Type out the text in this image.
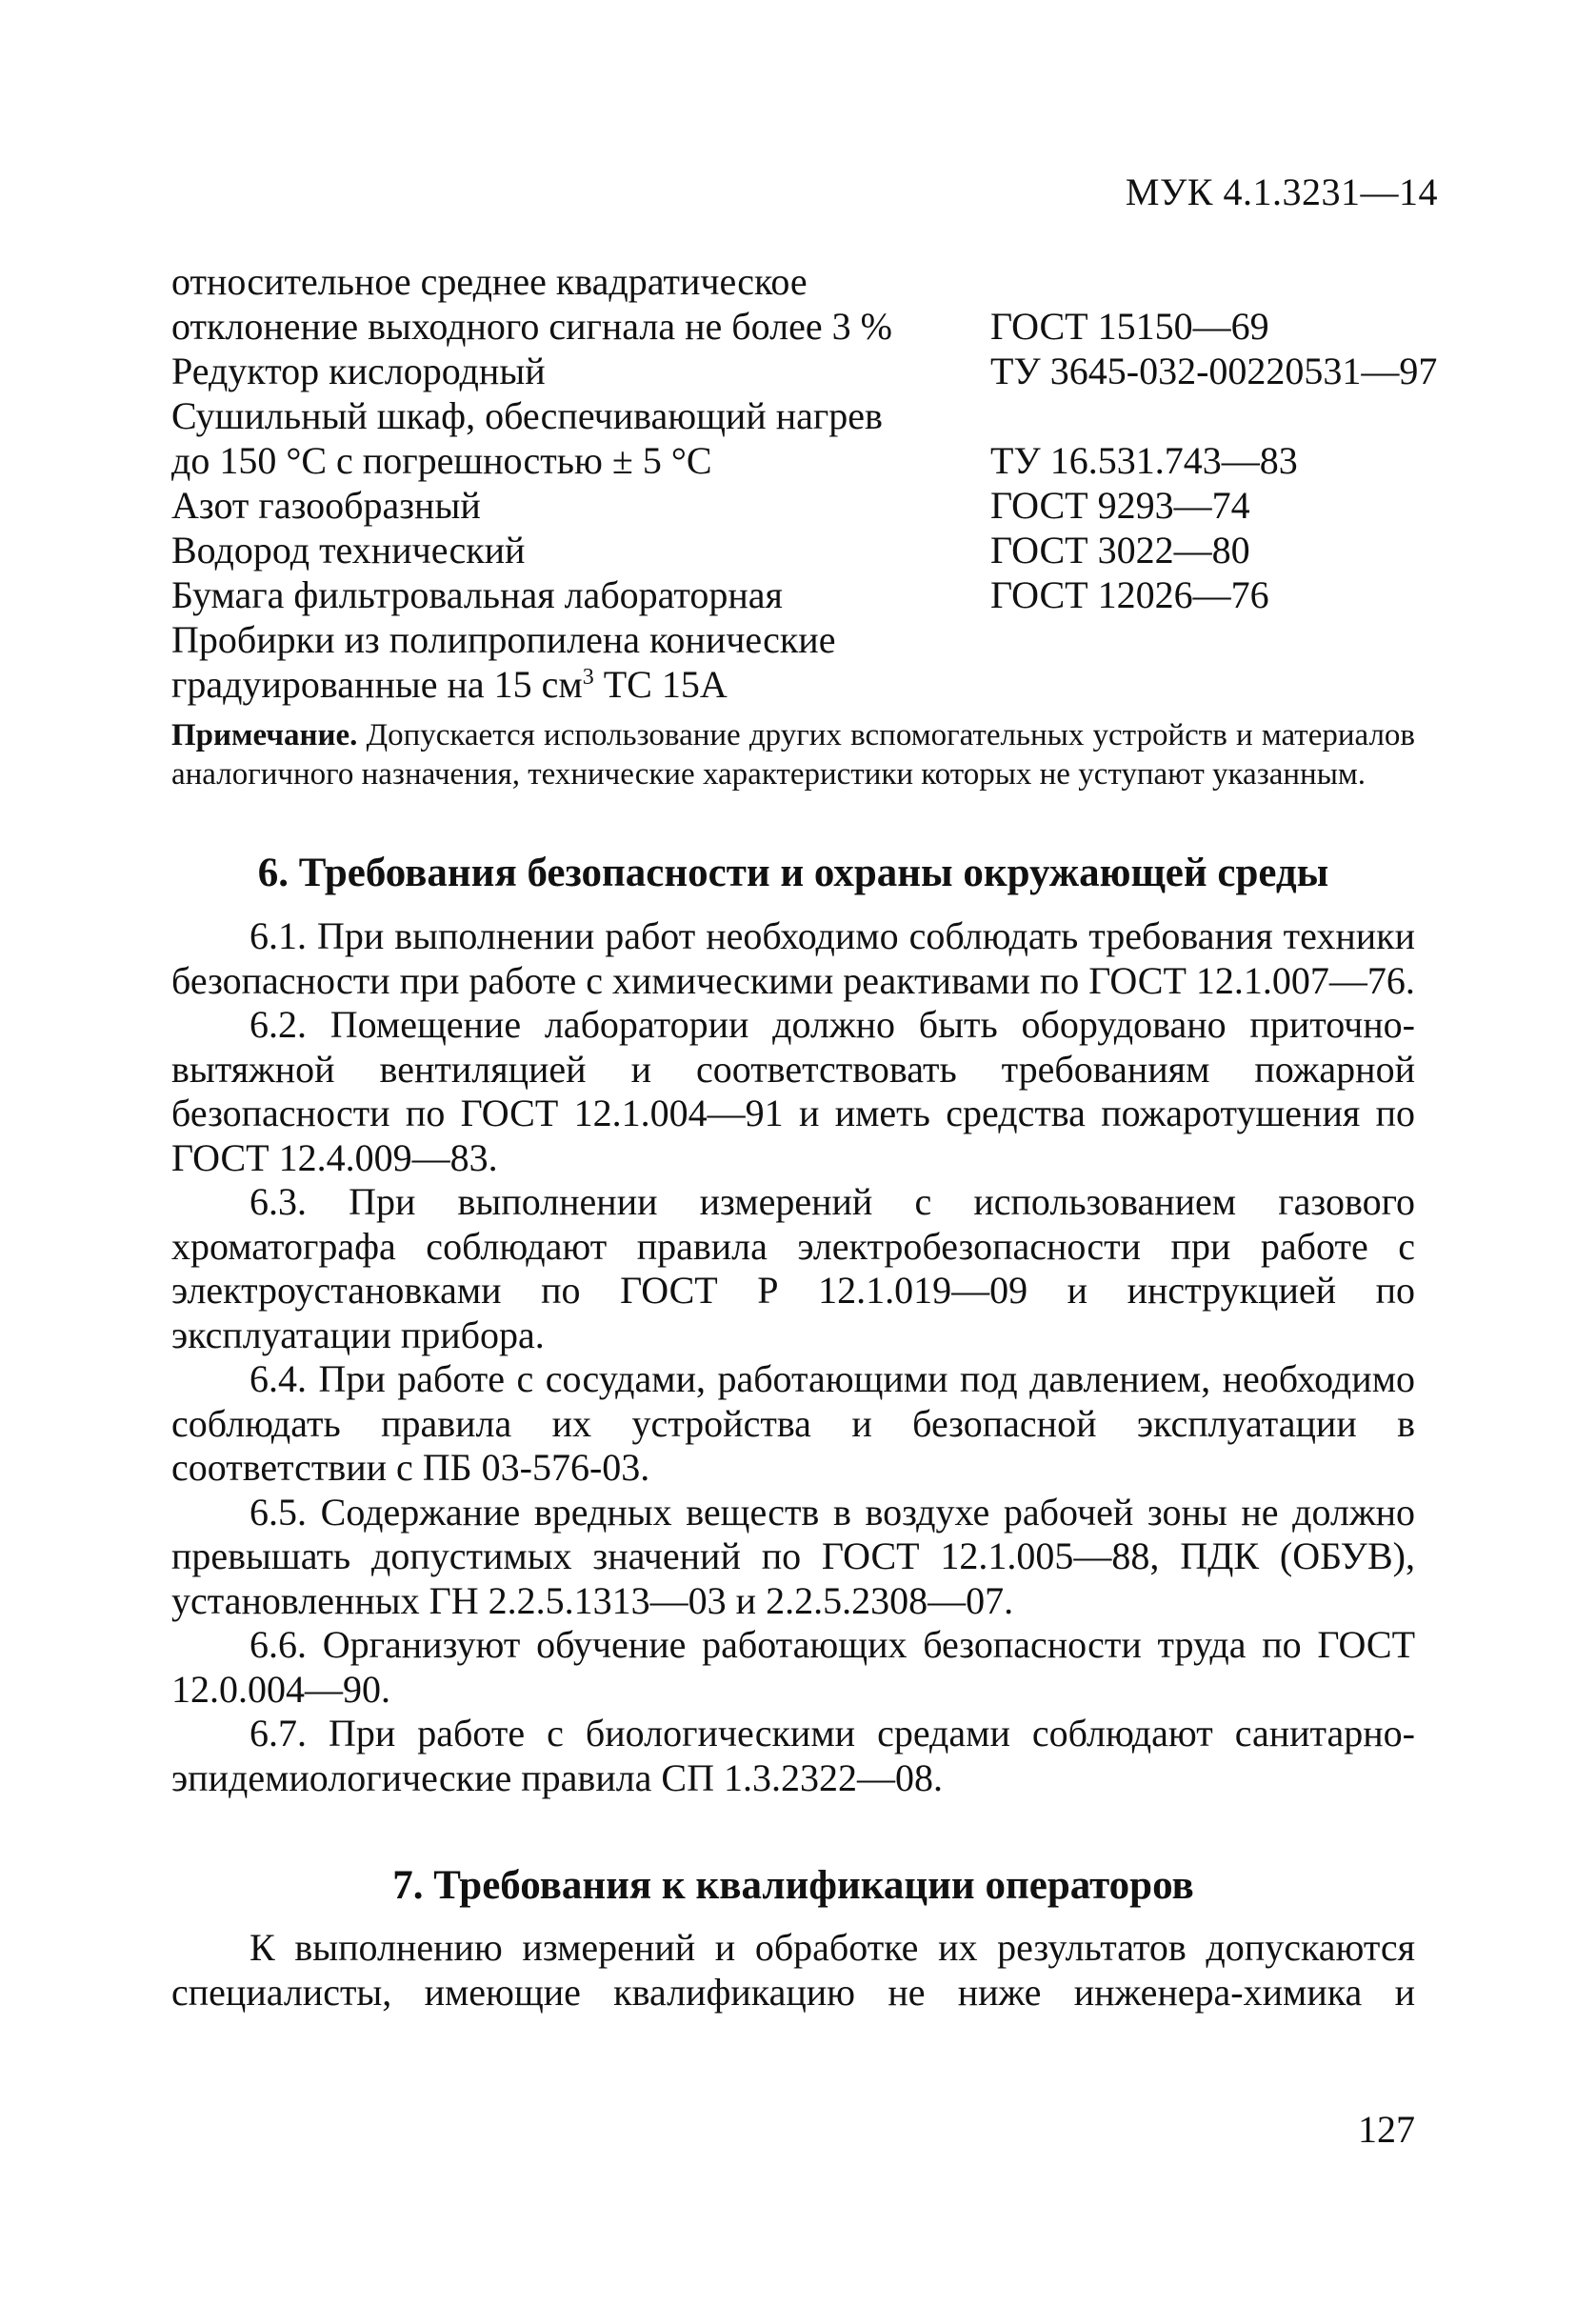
МУК 4.1.3231—14
относительное среднее квадратическое
отклонение выходного сигнала не более 3 %	ГОСТ 15150—69
Редуктор кислородный	ТУ 3645-032-00220531—97
Сушильный шкаф, обеспечивающий нагрев
до 150 °С с погрешностью ± 5 °С	ТУ 16.531.743—83
Азот газообразный	ГОСТ 9293—74
Водород технический	ГОСТ 3022—80
Бумага фильтровальная лабораторная	ГОСТ 12026—76
Пробирки из полипропилена конические
градуированные на 15 $см^3$ ТС 15А
Примечание. Допускается использование других вспомогательных устройств и материалов аналогичного назначения, технические характеристики которых не уступают указанным.
6. Требования безопасности и охраны окружающей среды

6.1. При выполнении работ необходимо соблюдать требования техники безопасности при работе с химическими реактивами по ГОСТ 12.1.007—76.

6.2. Помещение лаборатории должно быть оборудовано приточно-вытяжной вентиляцией и соответствовать требованиям пожарной безопасности по ГОСТ 12.1.004—91 и иметь средства пожаротушения по ГОСТ 12.4.009—83.

6.3. При выполнении измерений с использованием газового хроматографа соблюдают правила электробезопасности при работе с электроустановками по ГОСТ Р 12.1.019—09 и инструкцией по эксплуатации прибора.

6.4. При работе с сосудами, работающими под давлением, необходимо соблюдать правила их устройства и безопасной эксплуатации в соответствии с ПБ 03-576-03.

6.5. Содержание вредных веществ в воздухе рабочей зоны не должно превышать допустимых значений по ГОСТ 12.1.005—88, ПДК (ОБУВ), установленных ГН 2.2.5.1313—03 и 2.2.5.2308—07.

6.6. Организуют обучение работающих безопасности труда по ГОСТ 12.0.004—90.

6.7. При работе с биологическими средами соблюдают санитарно-эпидемиологические правила СП 1.3.2322—08.

7. Требования к квалификации операторов

К выполнению измерений и обработке их результатов допускаются специалисты, имеющие квалификацию не ниже инженера-химика и

127
